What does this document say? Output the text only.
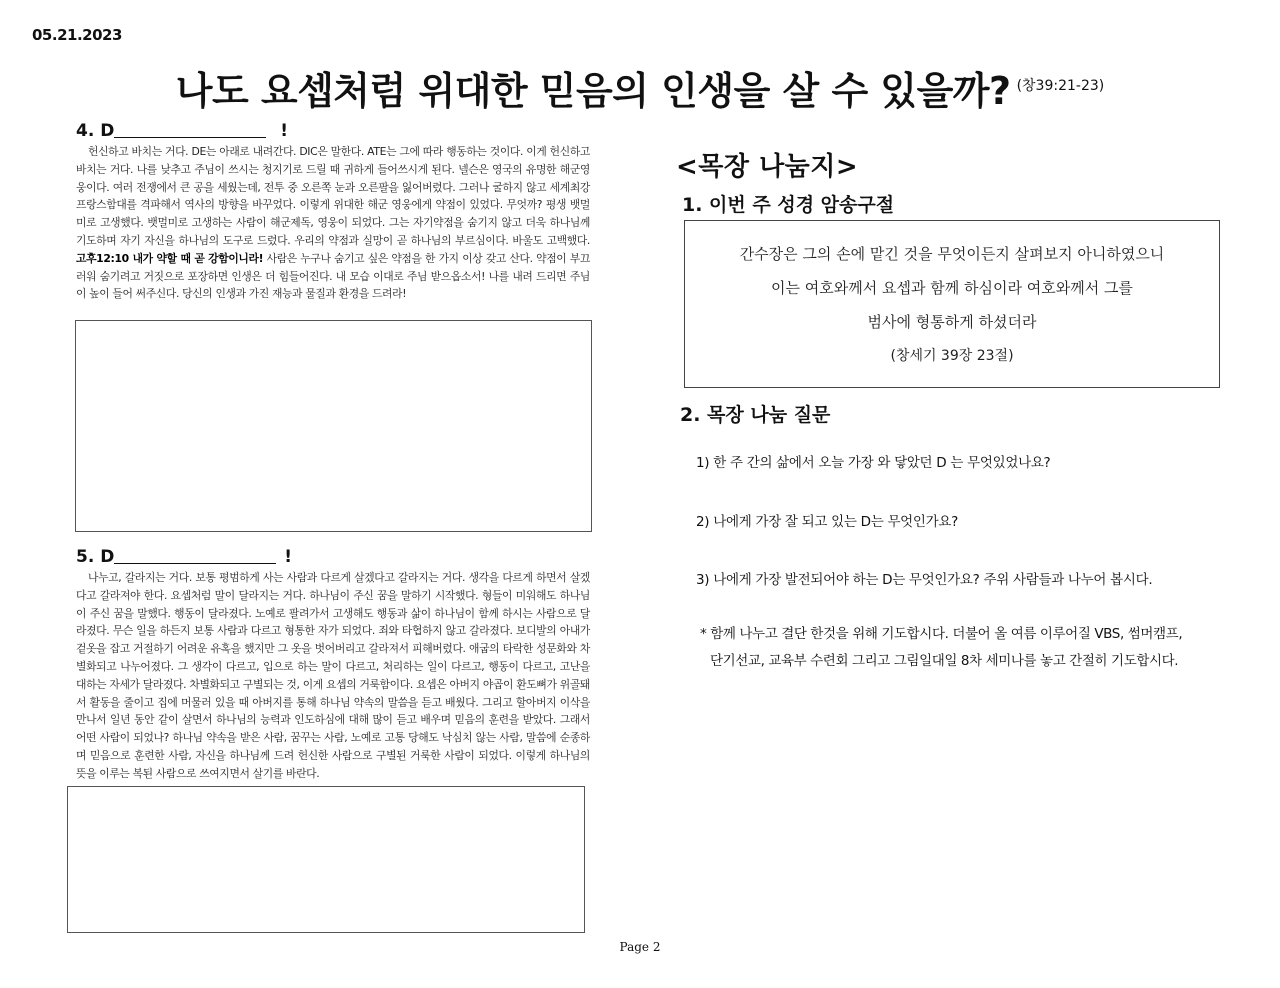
05.21.2023
나도 요셉처럼 위대한 믿음의 인생을 살 수 있을까? (창39:21-23)
4. D	!

헌신하고 바치는 거다. DE는 아래로 내려간다. DIC은 말한다. ATE는 그에 따라 행동하는 것이다. 이게 헌신하고 바치는 거다. 나를 낮추고 주님이 쓰시는 청지기로 드릴 때 귀하게 들어쓰시게 된다. 넬슨은 영국의 유명한 해군영웅이다. 여러 전쟁에서 큰 공을 세웠는데, 전투 중 오른쪽 눈과 오른팔을 잃어버렸다. 그러나 굴하지 않고 세계최강 프랑스함대를 격파해서 역사의 방향을 바꾸었다. 이렇게 위대한 해군 영웅에게 약점이 있었다. 무엇까? 평생 뱃멀미로 고생했다. 뱃멀미로 고생하는 사람이 해군제독, 영웅이 되었다. 그는 자기약점을 숨기지 않고 더욱 하나님께 기도하며 자기 자신을 하나님의 도구로 드렸다. 우리의 약점과 실망이 곧 하나님의 부르심이다. 바울도 고백했다. 고후12:10 내가 약할 때 곧 강함이니라! 사람은 누구나 숨기고 싶은 약점을 한 가지 이상 갖고 산다. 약점이 부끄러워 숨기려고 거짓으로 포장하면 인생은 더 힘들어진다. 내 모습 이대로 주님 받으옵소서! 나를 내려 드리면 주님이 높이 들어 써주신다. 당신의 인생과 가진 재능과 물질과 환경을 드려라!

5. D	!

나누고, 갈라지는 거다. 보통 평범하게 사는 사람과 다르게 살겠다고 갈라지는 거다. 생각을 다르게 하면서 살겠다고 갈라져야 한다. 요셉처럼 말이 달라지는 거다. 하나님이 주신 꿈을 말하기 시작했다. 형들이 미워해도 하나님이 주신 꿈을 말했다. 행동이 달라졌다. 노예로 팔려가서 고생해도 행동과 삶이 하나님이 함께 하시는 사람으로 달라졌다. 무슨 일을 하든지 보통 사람과 다르고 형통한 자가 되었다. 죄와 타협하지 않고 갈라졌다. 보디발의 아내가 겉옷을 잡고 거절하기 어려운 유혹을 했지만 그 옷을 벗어버리고 갈라져서 피해버렸다. 애굽의 타락한 성문화와 차별화되고 나누어졌다. 그 생각이 다르고, 입으로 하는 말이 다르고, 처리하는 일이 다르고, 행동이 다르고, 고난을 대하는 자세가 달라졌다. 차별화되고 구별되는 것, 이게 요셉의 거룩함이다. 요셉은 아버지 야곱이 환도뼈가 위골돼서 활동을 줄이고 집에 머물러 있을 때 아버지를 통해 하나님 약속의 말씀을 듣고 배웠다. 그리고 할아버지 이삭을 만나서 일년 동안 같이 살면서 하나님의 능력과 인도하심에 대해 많이 듣고 배우며 믿음의 훈련을 받았다. 그래서 어떤 사람이 되었나? 하나님 약속을 받은 사람, 꿈꾸는 사람, 노예로 고통 당해도 낙심치 않는 사람, 말씀에 순종하며 믿음으로 훈련한 사람, 자신을 하나님께 드려 헌신한 사람으로 구별된 거룩한 사람이 되었다. 이렇게 하나님의 뜻을 이루는 복된 사람으로 쓰여지면서 살기를 바란다.

<목장 나눔지>
1. 이번 주 성경 암송구절
간수장은 그의 손에 맡긴 것을 무엇이든지 살펴보지 아니하였으니
이는 여호와께서 요셉과 함께 하심이라 여호와께서 그를
범사에 형통하게 하셨더라
(창세기 39장 23절)
2. 목장 나눔 질문
1) 한 주 간의 삶에서 오늘 가장 와 닿았던 D 는 무엇있었나요?
2) 나에게 가장 잘 되고 있는 D는 무엇인가요?
3) 나에게 가장 발전되어야 하는 D는 무엇인가요? 주위 사람들과 나누어 봅시다.
* 함께 나누고 결단 한것을 위해 기도합시다. 더불어 올 여름 이루어질 VBS, 썸머캠프,
단기선교, 교육부 수련회 그리고 그림일대일 8차 세미나를 놓고 간절히 기도합시다.
Page 2
